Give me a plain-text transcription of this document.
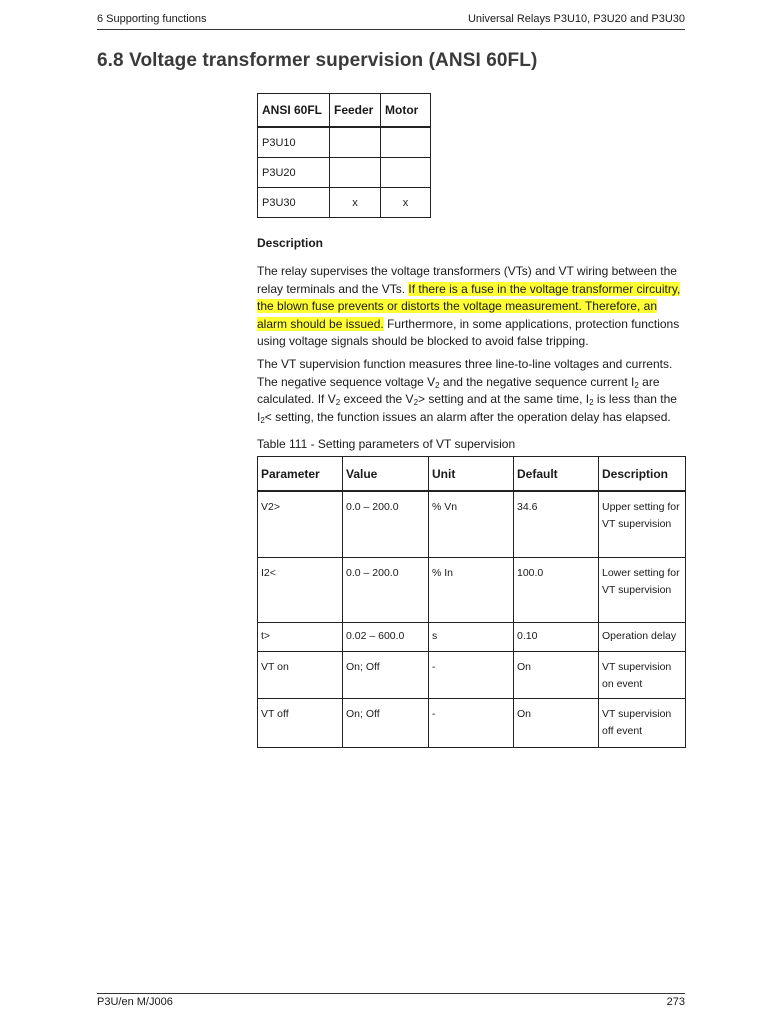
6 Supporting functions	Universal Relays P3U10, P3U20 and P3U30
6.8 Voltage transformer supervision (ANSI 60FL)
ANSI 60FL	Feeder	Motor
P3U10		
P3U20		
P3U30	x	x
Description

The relay supervises the voltage transformers (VTs) and VT wiring between the relay terminals and the VTs. If there is a fuse in the voltage transformer circuitry, the blown fuse prevents or distorts the voltage measurement. Therefore, an alarm should be issued. Furthermore, in some applications, protection functions using voltage signals should be blocked to avoid false tripping.

The VT supervision function measures three line-to-line voltages and currents. The negative sequence voltage $V_2$ and the negative sequence current $I_2$ are calculated. If $V_2$ exceed the $V_2>$ setting and at the same time, $I_2$ is less than the $I_2<$ setting, the function issues an alarm after the operation delay has elapsed.

Table 111 - Setting parameters of VT supervision
Parameter	Value	Unit	Default	Description
V2>	0.0 – 200.0	% Vn	34.6	Upper setting for VT supervision
I2<	0.0 – 200.0	% In	100.0	Lower setting for VT supervision
t>	0.02 – 600.0	s	0.10	Operation delay
VT on	On; Off	-	On	VT supervision on event
VT off	On; Off	-	On	VT supervision off event
P3U/en M/J006	273
